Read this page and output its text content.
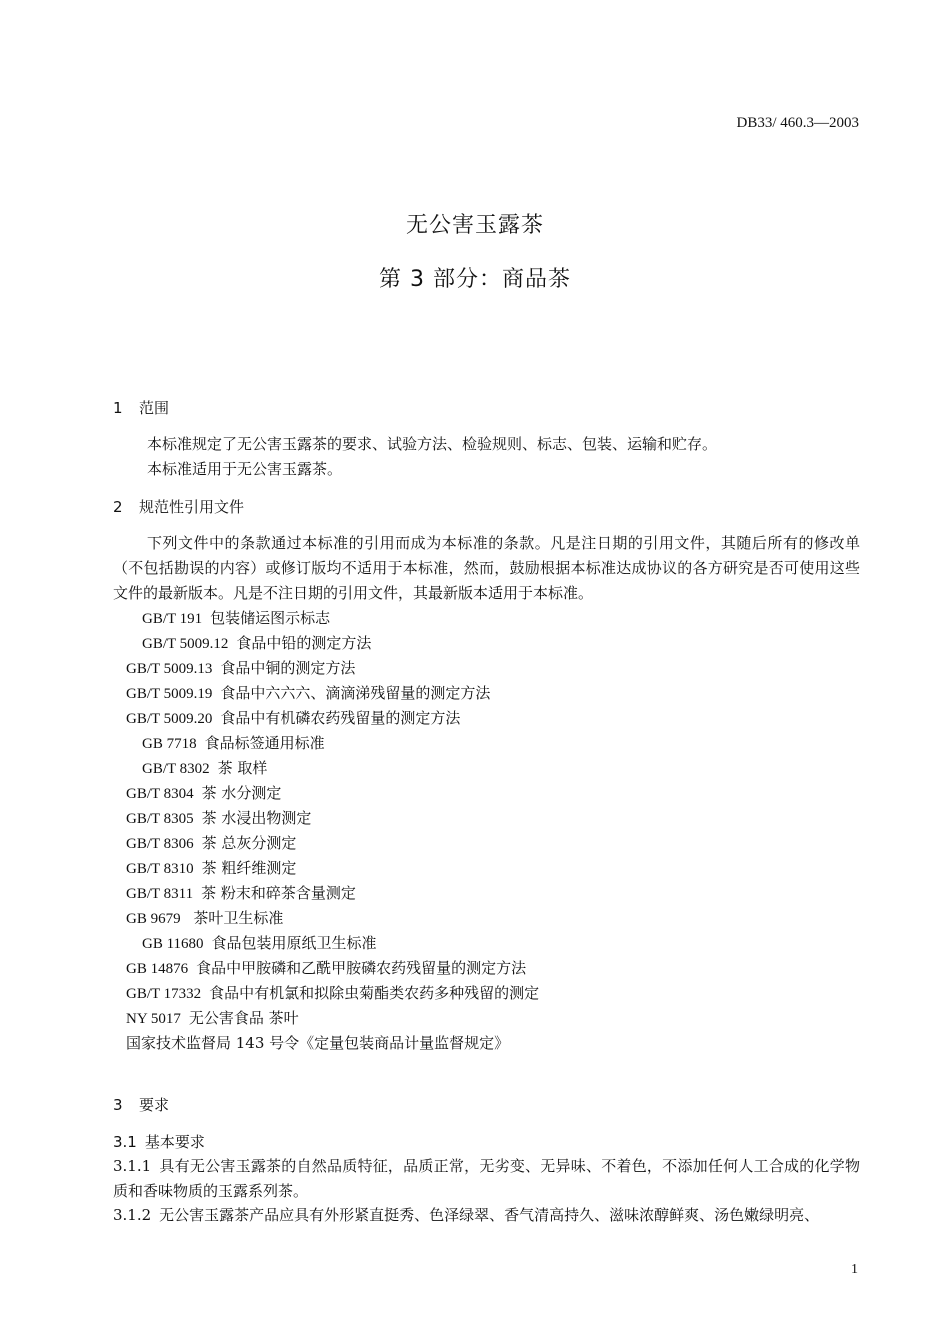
DB33/ 460.3—2003
无公害玉露茶
第 3 部分：商品茶
1 范围
本标准规定了无公害玉露茶的要求、试验方法、检验规则、标志、包装、运输和贮存。
本标准适用于无公害玉露茶。
2 规范性引用文件
下列文件中的条款通过本标准的引用而成为本标准的条款。凡是注日期的引用文件，其随后所有的修改单（不包括勘误的内容）或修订版均不适用于本标准，然而，鼓励根据本标准达成协议的各方研究是否可使用这些文件的最新版本。凡是不注日期的引用文件，其最新版本适用于本标准。
GB/T 191 包装储运图示标志
GB/T 5009.12 食品中铅的测定方法
GB/T 5009.13 食品中铜的测定方法
GB/T 5009.19 食品中六六六、滴滴涕残留量的测定方法
GB/T 5009.20 食品中有机磷农药残留量的测定方法
GB 7718 食品标签通用标准
GB/T 8302 茶 取样
GB/T 8304 茶 水分测定
GB/T 8305 茶 水浸出物测定
GB/T 8306 茶 总灰分测定
GB/T 8310 茶 粗纤维测定
GB/T 8311 茶 粉末和碎茶含量测定
GB 9679 茶叶卫生标准
GB 11680 食品包装用原纸卫生标准
GB 14876 食品中甲胺磷和乙酰甲胺磷农药残留量的测定方法
GB/T 17332 食品中有机氯和拟除虫菊酯类农药多种残留的测定
NY 5017 无公害食品 茶叶
国家技术监督局 143 号令《定量包装商品计量监督规定》
3 要求
3.1 基本要求
3.1.1 具有无公害玉露茶的自然品质特征，品质正常，无劣变、无异味、不着色，不添加任何人工合成的化学物质和香味物质的玉露系列茶。
3.1.2 无公害玉露茶产品应具有外形紧直挺秀、色泽绿翠、香气清高持久、滋味浓醇鲜爽、汤色嫩绿明亮、
1
